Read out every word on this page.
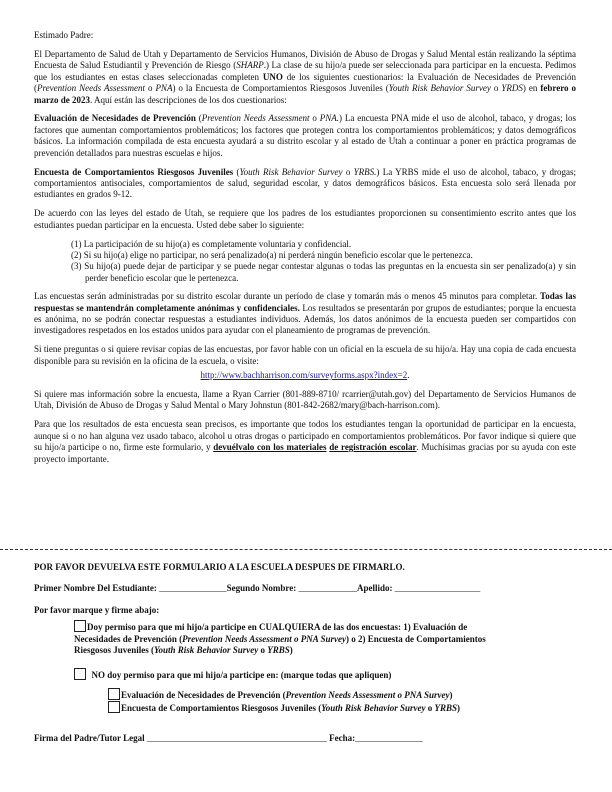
Estimado Padre:

El Departamento de Salud de Utah y Departamento de Servicios Humanos, División de Abuso de Drogas y Salud Mental están realizando la séptima Encuesta de Salud Estudiantil y Prevención de Riesgo (SHARP.) La clase de su hijo/a puede ser seleccionada para participar en la encuesta. Pedimos que los estudiantes en estas clases seleccionadas completen UNO de los siguientes cuestionarios: la Evaluación de Necesidades de Prevención (Prevention Needs Assessment o PNA) o la Encuesta de Comportamientos Riesgosos Juveniles (Youth Risk Behavior Survey o YRDS) en febrero o marzo de 2023. Aquí están las descripciones de los dos cuestionarios:

Evaluación de Necesidades de Prevención (Prevention Needs Assessment o PNA.) La encuesta PNA mide el uso de alcohol, tabaco, y drogas; los factores que aumentan comportamientos problemáticos; los factores que protegen contra los comportamientos problemáticos; y datos demográficos básicos. La información compilada de esta encuesta ayudará a su distrito escolar y al estado de Utah a continuar a poner en práctica programas de prevención detallados para nuestras escuelas e hijos.

Encuesta de Comportamientos Riesgosos Juveniles (Youth Risk Behavior Survey o YRBS.) La YRBS mide el uso de alcohol, tabaco, y drogas; comportamientos antisociales, comportamientos de salud, seguridad escolar, y datos demográficos básicos. Esta encuesta solo será llenada por estudiantes en grados 9-12.

De acuerdo con las leyes del estado de Utah, se requiere que los padres de los estudiantes proporcionen su consentimiento escrito antes que los estudiantes puedan participar en la encuesta. Usted debe saber lo siguiente:

(1) La participación de su hijo(a) es completamente voluntaria y confidencial.
(2) Si su hijo(a) elige no participar, no será penalizado(a) ni perderá ningún beneficio escolar que le pertenezca.
(3) Su hijo(a) puede dejar de participar y se puede negar contestar algunas o todas las preguntas en la encuesta sin ser penalizado(a) y sin perder beneficio escolar que le pertenezca.

Las encuestas serán administradas por su distrito escolar durante un período de clase y tomarán más o menos 45 minutos para completar. Todas las respuestas se mantendrán completamente anónimas y confidenciales. Los resultados se presentarán por grupos de estudiantes; porque la encuesta es anónima, no se podrán conectar respuestas a estudiantes individuos. Además, los datos anónimos de la encuesta pueden ser compartidos con investigadores respetados en los estados unidos para ayudar con el planeamiento de programas de prevención.

Si tiene preguntas o si quiere revisar copias de las encuestas, por favor hable con un oficial en la escuela de su hijo/a. Hay una copia de cada encuesta disponible para su revisión en la oficina de la escuela, o visite:

http://www.bachharrison.com/surveyforms.aspx?index=2.

Si quiere mas información sobre la encuesta, llame a Ryan Carrier (801-889-8710/ rcarrier@utah.gov) del Departamento de Servicios Humanos de Utah, División de Abuso de Drogas y Salud Mental o Mary Johnstun (801-842-2682/mary@bach-harrison.com).

Para que los resultados de esta encuesta sean precisos, es importante que todos los estudiantes tengan la oportunidad de participar en la encuesta, aunque si o no han alguna vez usado tabaco, alcohol u otras drogas o participado en comportamientos problemáticos. Por favor indique si quiere que su hijo/a participe o no, firme este formulario, y devuélvalo con los materiales de registración escolar. Muchísimas gracias por su ayuda con este proyecto importante.

POR FAVOR DEVUELVA ESTE FORMULARIO A LA ESCUELA DESPUES DE FIRMARLO.
Primer Nombre Del Estudiante: _______________Segundo Nombre: _____________Apellido: ___________________
Por favor marque y firme abajo:
Doy permiso para que mi hijo/a participe en CUALQUIERA de las dos encuestas: 1) Evaluación de Necesidades de Prevención (Prevention Needs Assessment o PNA Survey) o 2) Encuesta de Comportamientos Riesgosos Juveniles (Youth Risk Behavior Survey o YRBS)
NO doy permiso para que mi hijo/a participe en: (marque todas que apliquen)
Evaluación de Necesidades de Prevención (Prevention Needs Assessment o PNA Survey)
Encuesta de Comportamientos Riesgosos Juveniles (Youth Risk Behavior Survey o YRBS)
Firma del Padre/Tutor Legal ________________________________________ Fecha:_______________
